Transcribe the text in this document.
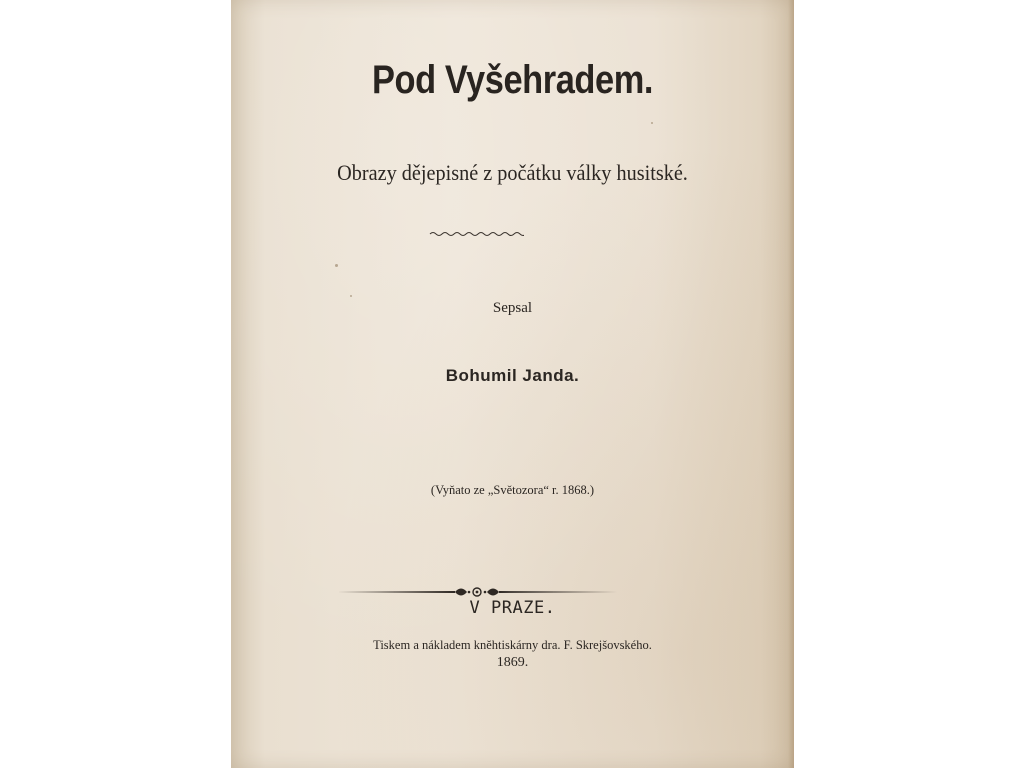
Pod Vyšehradem.
Obrazy dějepisné z počátku války husitské.
Sepsal
Bohumil Janda.
(Vyňato ze „Světozora“ r. 1868.)
V PRAZE.
Tiskem a nákladem knĕhtiskárny dra. F. Skrejšovského.
1869.
